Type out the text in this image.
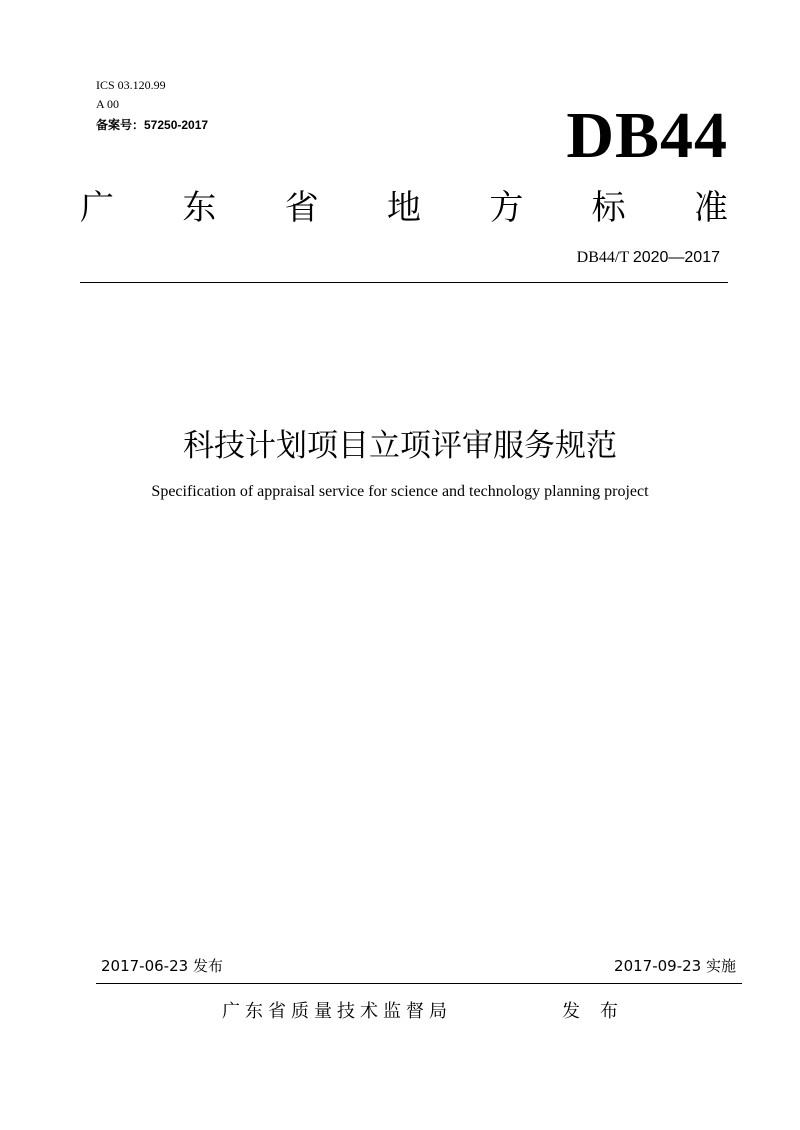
ICS 03.120.99
A 00
备案号：57250-2017	DB44
广 东 省 地 方 标 准
DB44/T 2020—2017
科技计划项目立项评审服务规范
Specification of appraisal service for science and technology planning project
2017-06-23 发布	2017-09-23 实施
广东省质量技术监督局	发布
